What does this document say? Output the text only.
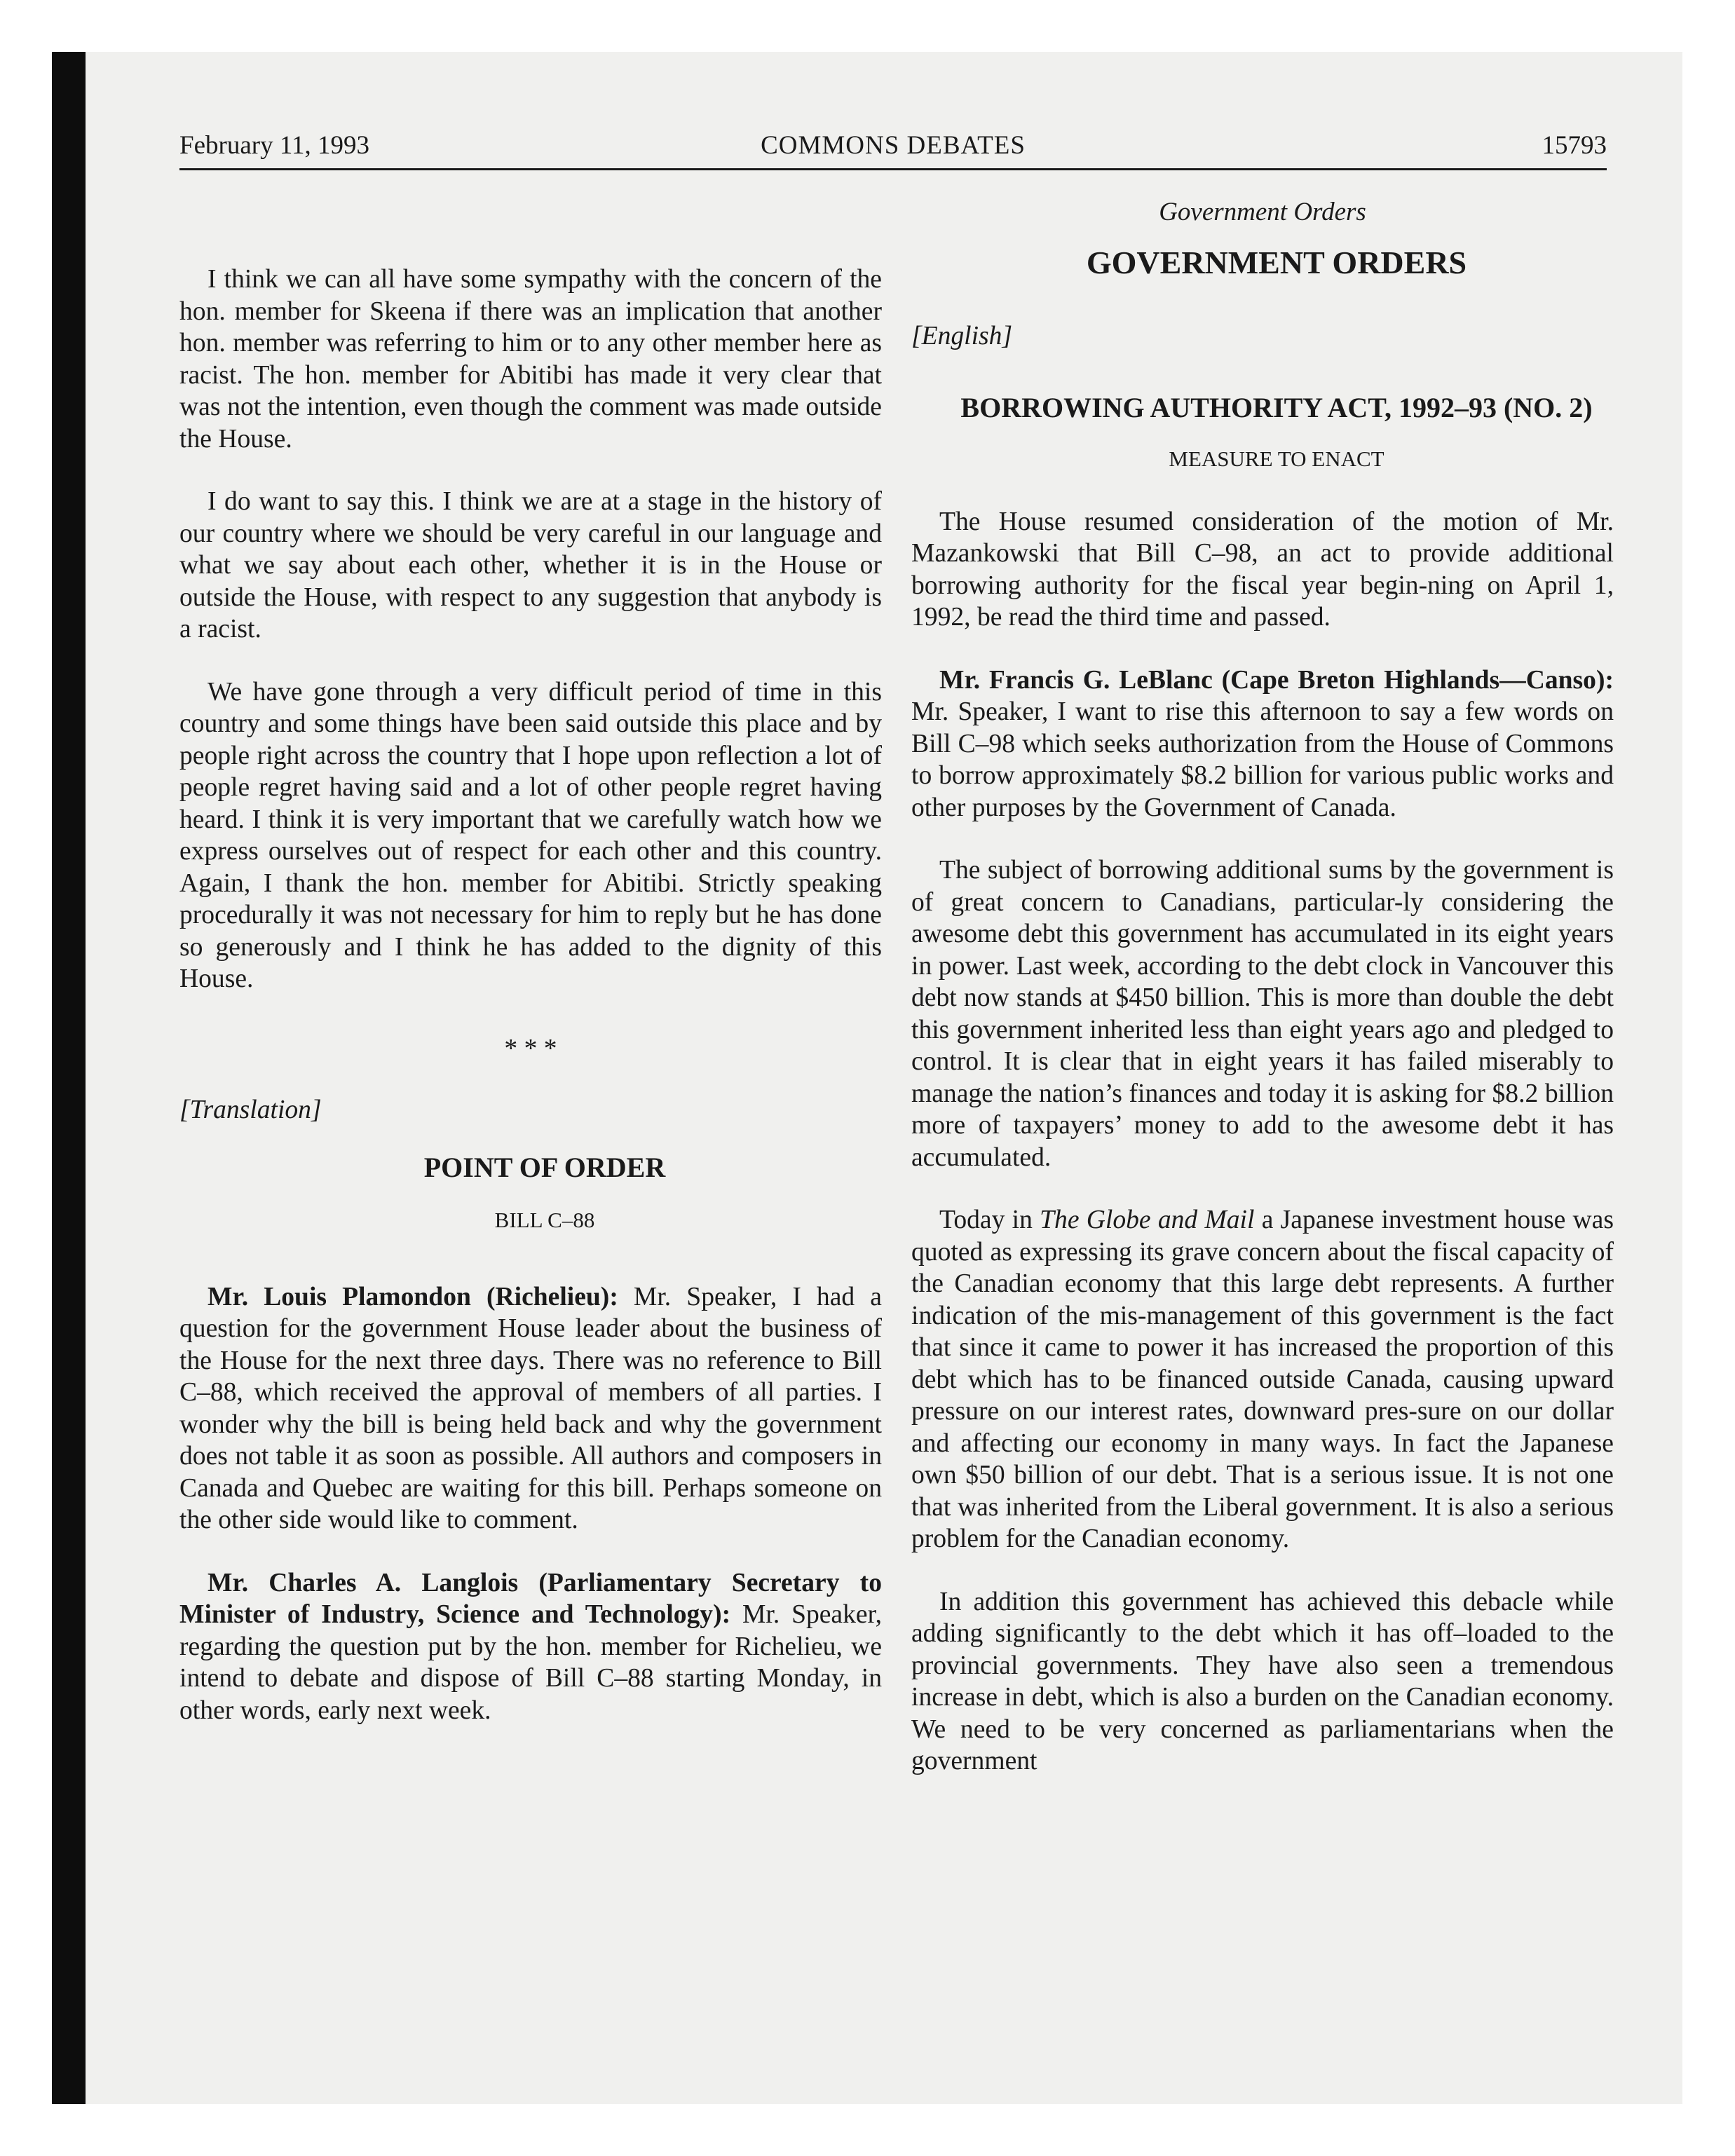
February 11, 1993	COMMONS DEBATES	15793

I think we can all have some sympathy with the concern of the hon. member for Skeena if there was an implication that another hon. member was referring to him or to any other member here as racist. The hon. member for Abitibi has made it very clear that was not the intention, even though the comment was made outside the House.

I do want to say this. I think we are at a stage in the history of our country where we should be very careful in our language and what we say about each other, whether it is in the House or outside the House, with respect to any suggestion that anybody is a racist.

We have gone through a very difficult period of time in this country and some things have been said outside this place and by people right across the country that I hope upon reflection a lot of people regret having said and a lot of other people regret having heard. I think it is very important that we carefully watch how we express ourselves out of respect for each other and this country. Again, I thank the hon. member for Abitibi. Strictly speaking procedurally it was not necessary for him to reply but he has done so generously and I think he has added to the dignity of this House.

* * *

[Translation]

POINT OF ORDER

BILL C–88

Mr. Louis Plamondon (Richelieu): Mr. Speaker, I had a question for the government House leader about the business of the House for the next three days. There was no reference to Bill C–88, which received the approval of members of all parties. I wonder why the bill is being held back and why the government does not table it as soon as possible. All authors and composers in Canada and Quebec are waiting for this bill. Perhaps someone on the other side would like to comment.

Mr. Charles A. Langlois (Parliamentary Secretary to Minister of Industry, Science and Technology): Mr. Speaker, regarding the question put by the hon. member for Richelieu, we intend to debate and dispose of Bill C–88 starting Monday, in other words, early next week.

Government Orders

GOVERNMENT ORDERS

[English]

BORROWING AUTHORITY ACT, 1992–93 (NO. 2)

MEASURE TO ENACT

The House resumed consideration of the motion of Mr. Mazankowski that Bill C–98, an act to provide additional borrowing authority for the fiscal year begin-ning on April 1, 1992, be read the third time and passed.

Mr. Francis G. LeBlanc (Cape Breton Highlands—Canso): Mr. Speaker, I want to rise this afternoon to say a few words on Bill C–98 which seeks authorization from the House of Commons to borrow approximately $8.2 billion for various public works and other purposes by the Government of Canada.

The subject of borrowing additional sums by the government is of great concern to Canadians, particular-ly considering the awesome debt this government has accumulated in its eight years in power. Last week, according to the debt clock in Vancouver this debt now stands at $450 billion. This is more than double the debt this government inherited less than eight years ago and pledged to control. It is clear that in eight years it has failed miserably to manage the nation’s finances and today it is asking for $8.2 billion more of taxpayers’ money to add to the awesome debt it has accumulated.

Today in The Globe and Mail a Japanese investment house was quoted as expressing its grave concern about the fiscal capacity of the Canadian economy that this large debt represents. A further indication of the mis-management of this government is the fact that since it came to power it has increased the proportion of this debt which has to be financed outside Canada, causing upward pressure on our interest rates, downward pres-sure on our dollar and affecting our economy in many ways. In fact the Japanese own $50 billion of our debt. That is a serious issue. It is not one that was inherited from the Liberal government. It is also a serious problem for the Canadian economy.

In addition this government has achieved this debacle while adding significantly to the debt which it has off–loaded to the provincial governments. They have also seen a tremendous increase in debt, which is also a burden on the Canadian economy. We need to be very concerned as parliamentarians when the government
